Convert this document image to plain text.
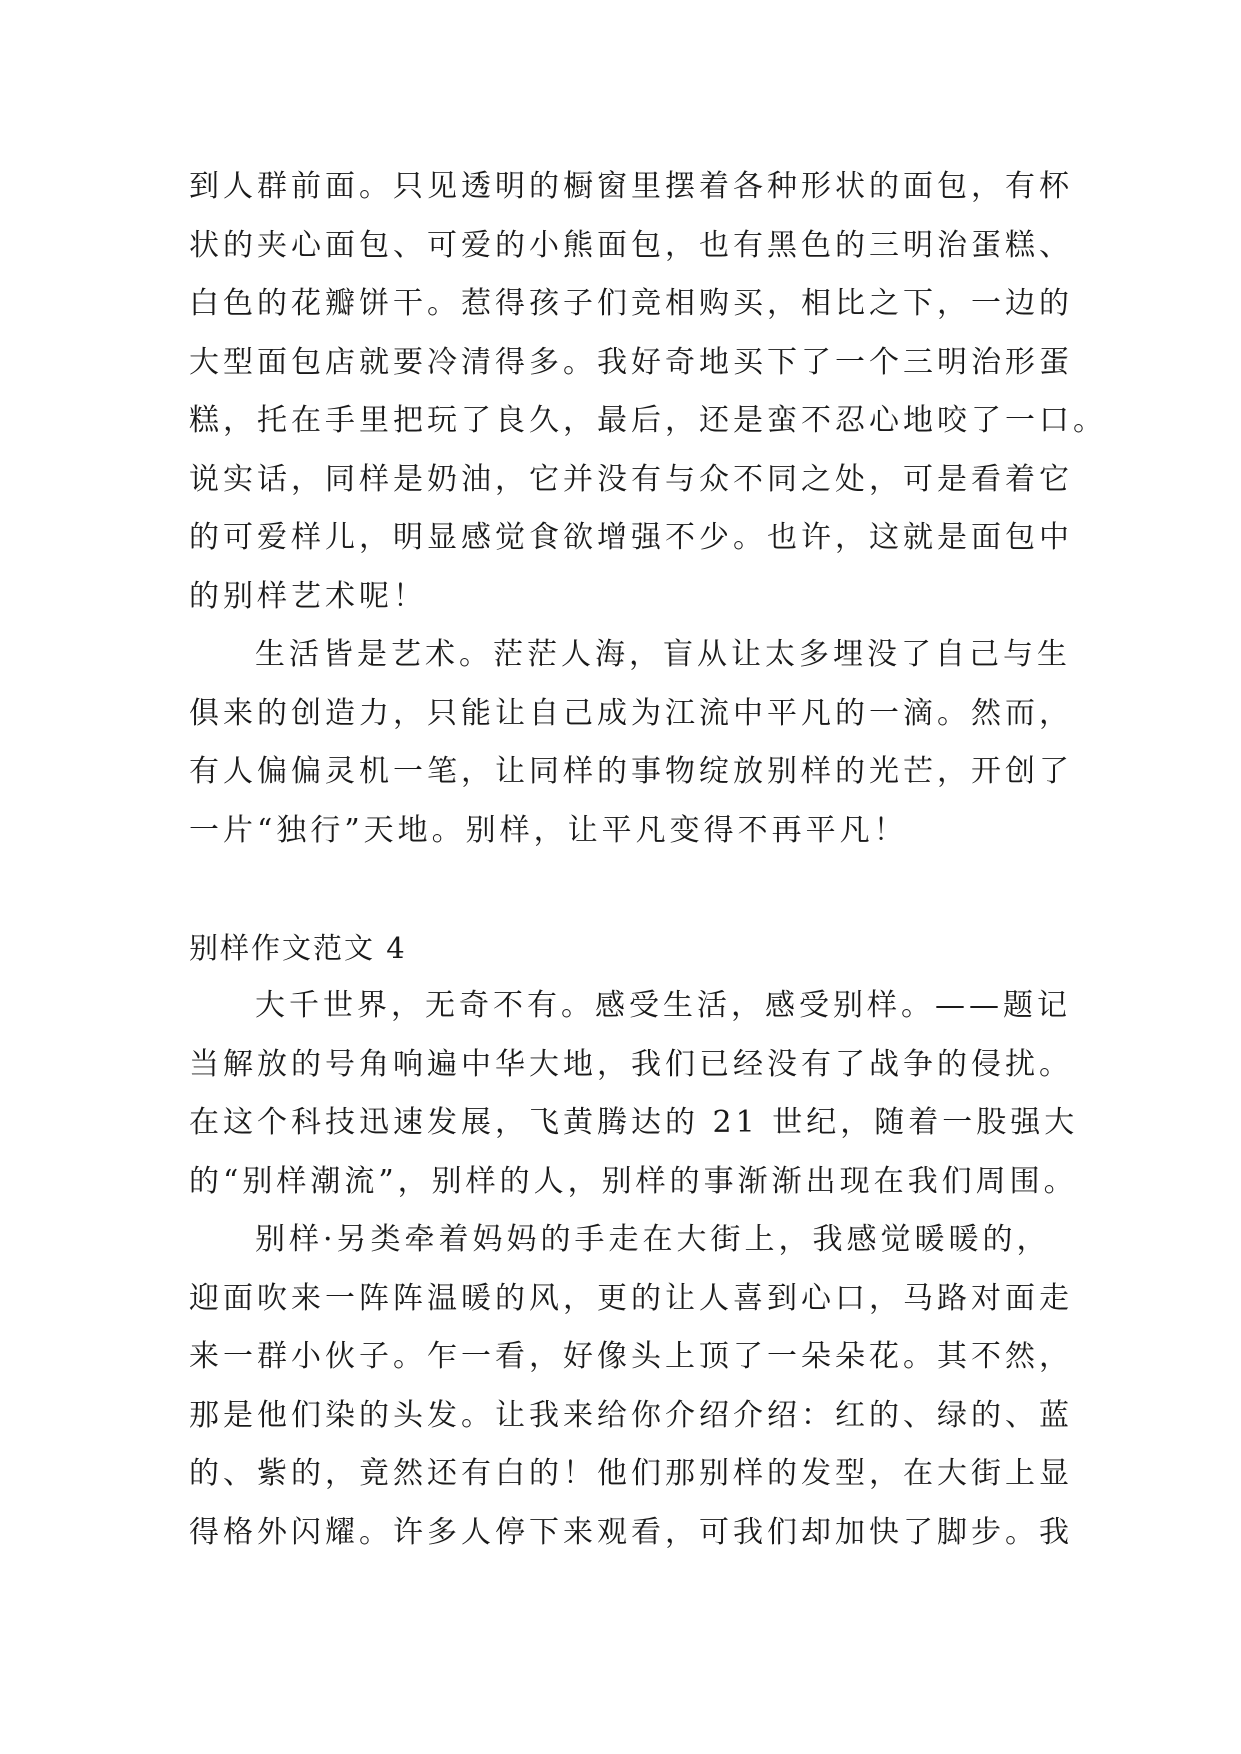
到人群前面。只见透明的橱窗里摆着各种形状的面包，有杯
状的夹心面包、可爱的小熊面包，也有黑色的三明治蛋糕、
白色的花瓣饼干。惹得孩子们竞相购买，相比之下，一边的
大型面包店就要冷清得多。我好奇地买下了一个三明治形蛋
糕，托在手里把玩了良久，最后，还是蛮不忍心地咬了一口。
说实话，同样是奶油，它并没有与众不同之处，可是看着它
的可爱样儿，明显感觉食欲增强不少。也许，这就是面包中
的别样艺术呢！
生活皆是艺术。茫茫人海，盲从让太多埋没了自己与生
俱来的创造力，只能让自己成为江流中平凡的一滴。然而，
有人偏偏灵机一笔，让同样的事物绽放别样的光芒，开创了
一片“独行”天地。别样，让平凡变得不再平凡！
别样作文范文 4
大千世界，无奇不有。感受生活，感受别样。——题记
当解放的号角响遍中华大地，我们已经没有了战争的侵扰。
在这个科技迅速发展，飞黄腾达的 21 世纪，随着一股强大
的“别样潮流”，别样的人，别样的事渐渐出现在我们周围。
别样·另类牵着妈妈的手走在大街上，我感觉暖暖的，
迎面吹来一阵阵温暖的风，更的让人喜到心口，马路对面走
来一群小伙子。乍一看，好像头上顶了一朵朵花。其不然，
那是他们染的头发。让我来给你介绍介绍：红的、绿的、蓝
的、紫的，竟然还有白的！他们那别样的发型，在大街上显
得格外闪耀。许多人停下来观看，可我们却加快了脚步。我
